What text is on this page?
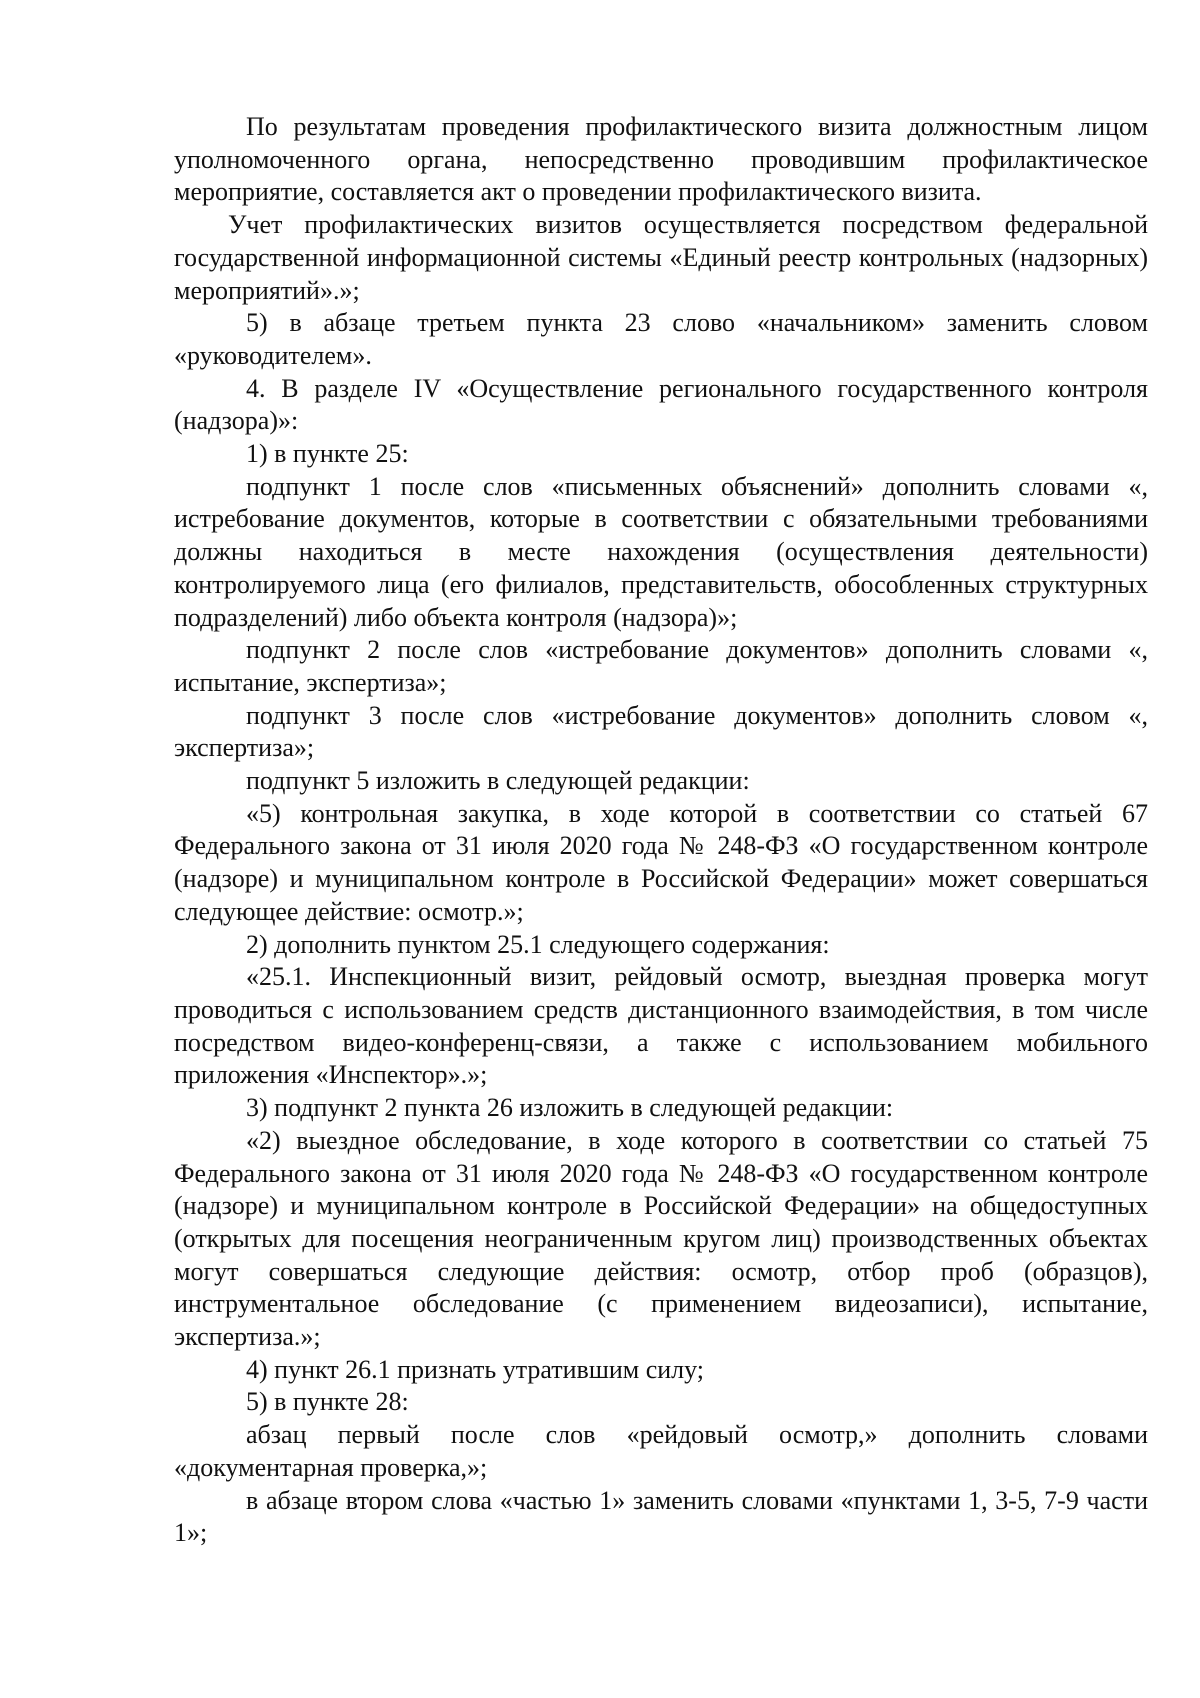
По результатам проведения профилактического визита должностным лицом уполномоченного органа, непосредственно проводившим профилактическое мероприятие, составляется акт о проведении профилактического визита.

Учет профилактических визитов осуществляется посредством федеральной государственной информационной системы «Единый реестр контрольных (надзорных) мероприятий».»;

5) в абзаце третьем пункта 23 слово «начальником» заменить словом «руководителем».

4. В разделе IV «Осуществление регионального государственного контроля (надзора)»:

1) в пункте 25:

подпункт 1 после слов «письменных объяснений» дополнить словами «, истребование документов, которые в соответствии с обязательными требованиями должны находиться в месте нахождения (осуществления деятельности) контролируемого лица (его филиалов, представительств, обособленных структурных подразделений) либо объекта контроля (надзора)»;

подпункт 2 после слов «истребование документов» дополнить словами «, испытание, экспертиза»;

подпункт 3 после слов «истребование документов» дополнить словом «, экспертиза»;

подпункт 5 изложить в следующей редакции:

«5) контрольная закупка, в ходе которой в соответствии со статьей 67 Федерального закона от 31 июля 2020 года № 248-ФЗ «О государственном контроле (надзоре) и муниципальном контроле в Российской Федерации» может совершаться следующее действие: осмотр.»;

2) дополнить пунктом 25.1 следующего содержания:

«25.1. Инспекционный визит, рейдовый осмотр, выездная проверка могут проводиться с использованием средств дистанционного взаимодействия, в том числе посредством видео-конференц-связи, а также с использованием мобильного приложения «Инспектор».»;

3) подпункт 2 пункта 26 изложить в следующей редакции:

«2) выездное обследование, в ходе которого в соответствии со статьей 75 Федерального закона от 31 июля 2020 года № 248-ФЗ «О государственном контроле (надзоре) и муниципальном контроле в Российской Федерации» на общедоступных (открытых для посещения неограниченным кругом лиц) производственных объектах могут совершаться следующие действия: осмотр, отбор проб (образцов), инструментальное обследование (с применением видеозаписи), испытание, экспертиза.»;

4) пункт 26.1 признать утратившим силу;

5) в пункте 28:

абзац первый после слов «рейдовый осмотр,» дополнить словами «документарная проверка,»;

в абзаце втором слова «частью 1» заменить словами «пунктами 1, 3-5, 7-9 части 1»;
